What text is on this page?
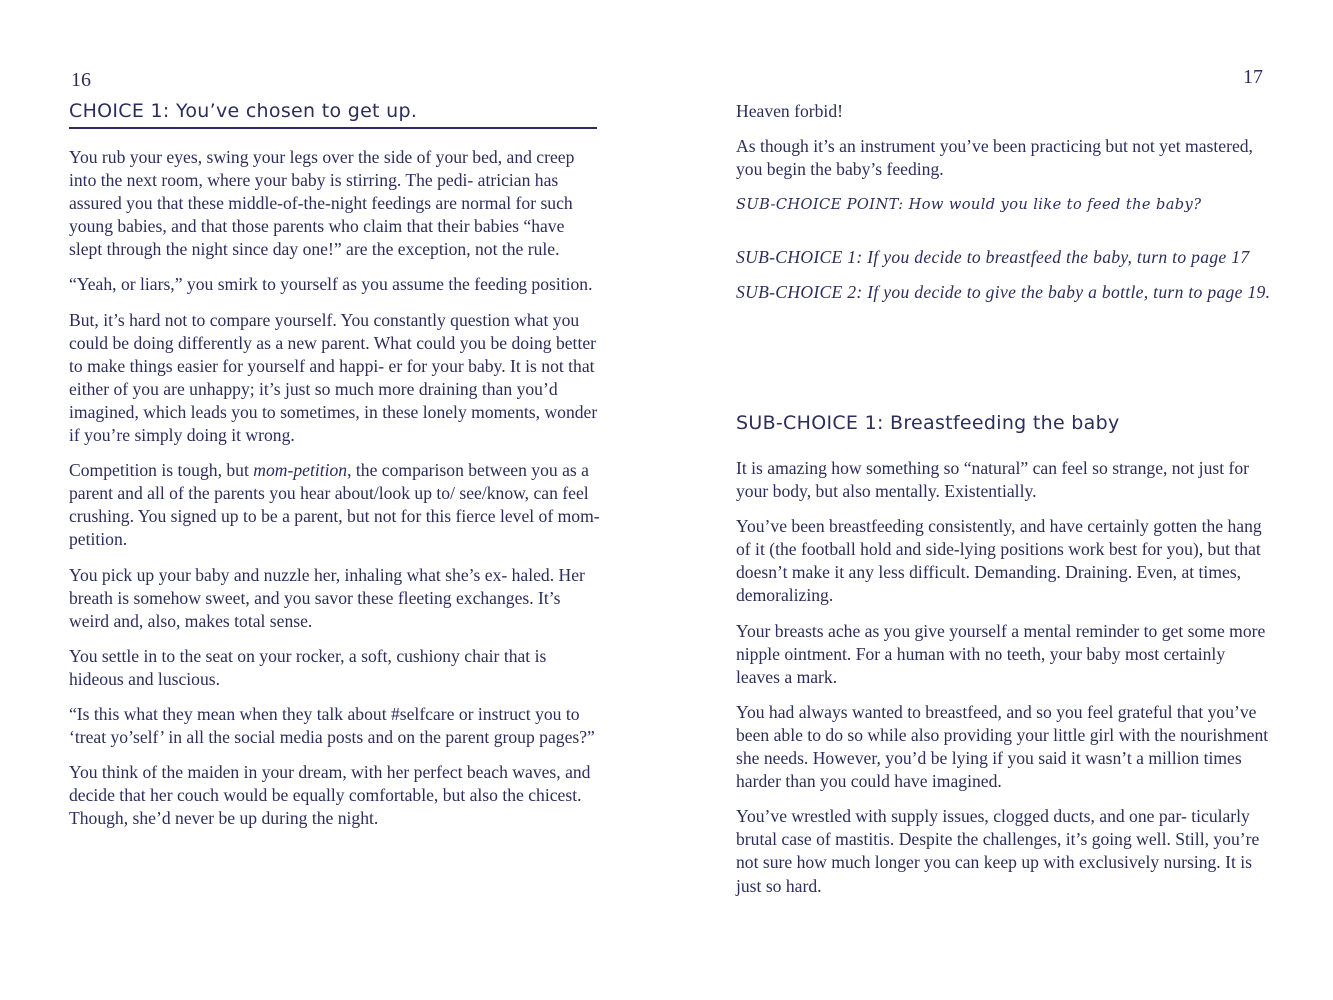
16
CHOICE 1: You’ve chosen to get up.

You rub your eyes, swing your legs over the side of your bed, and creep into the next room, where your baby is stirring. The pedi- atrician has assured you that these middle-of-the-night feedings are normal for such young babies, and that those parents who claim that their babies “have slept through the night since day one!” are the exception, not the rule.

“Yeah, or liars,” you smirk to yourself as you assume the feeding position.

But, it’s hard not to compare yourself. You constantly question what you could be doing differently as a new parent. What could you be doing better to make things easier for yourself and happi- er for your baby. It is not that either of you are unhappy; it’s just so much more draining than you’d imagined, which leads you to sometimes, in these lonely moments, wonder if you’re simply doing it wrong.

Competition is tough, but mom-petition, the comparison between you as a parent and all of the parents you hear about/look up to/ see/know, can feel crushing. You signed up to be a parent, but not for this fierce level of mom-petition.

You pick up your baby and nuzzle her, inhaling what she’s ex- haled. Her breath is somehow sweet, and you savor these fleeting exchanges. It’s weird and, also, makes total sense.

You settle in to the seat on your rocker, a soft, cushiony chair that is hideous and luscious.

“Is this what they mean when they talk about #selfcare or instruct you to ‘treat yo’self’ in all the social media posts and on the parent group pages?”

You think of the maiden in your dream, with her perfect beach waves, and decide that her couch would be equally comfortable, but also the chicest. Though, she’d never be up during the night.

17

Heaven forbid!

As though it’s an instrument you’ve been practicing but not yet mastered, you begin the baby’s feeding.

SUB-CHOICE POINT: How would you like to feed the baby?

SUB-CHOICE 1: If you decide to breastfeed the baby, turn to page 17

SUB-CHOICE 2: If you decide to give the baby a bottle, turn to page 19.

SUB-CHOICE 1: Breastfeeding the baby

It is amazing how something so “natural” can feel so strange, not just for your body, but also mentally. Existentially.

You’ve been breastfeeding consistently, and have certainly gotten the hang of it (the football hold and side-lying positions work best for you), but that doesn’t make it any less difficult. Demanding. Draining. Even, at times, demoralizing.

Your breasts ache as you give yourself a mental reminder to get some more nipple ointment. For a human with no teeth, your baby most certainly leaves a mark.

You had always wanted to breastfeed, and so you feel grateful that you’ve been able to do so while also providing your little girl with the nourishment she needs. However, you’d be lying if you said it wasn’t a million times harder than you could have imagined.

You’ve wrestled with supply issues, clogged ducts, and one par- ticularly brutal case of mastitis. Despite the challenges, it’s going well. Still, you’re not sure how much longer you can keep up with exclusively nursing. It is just so hard.
